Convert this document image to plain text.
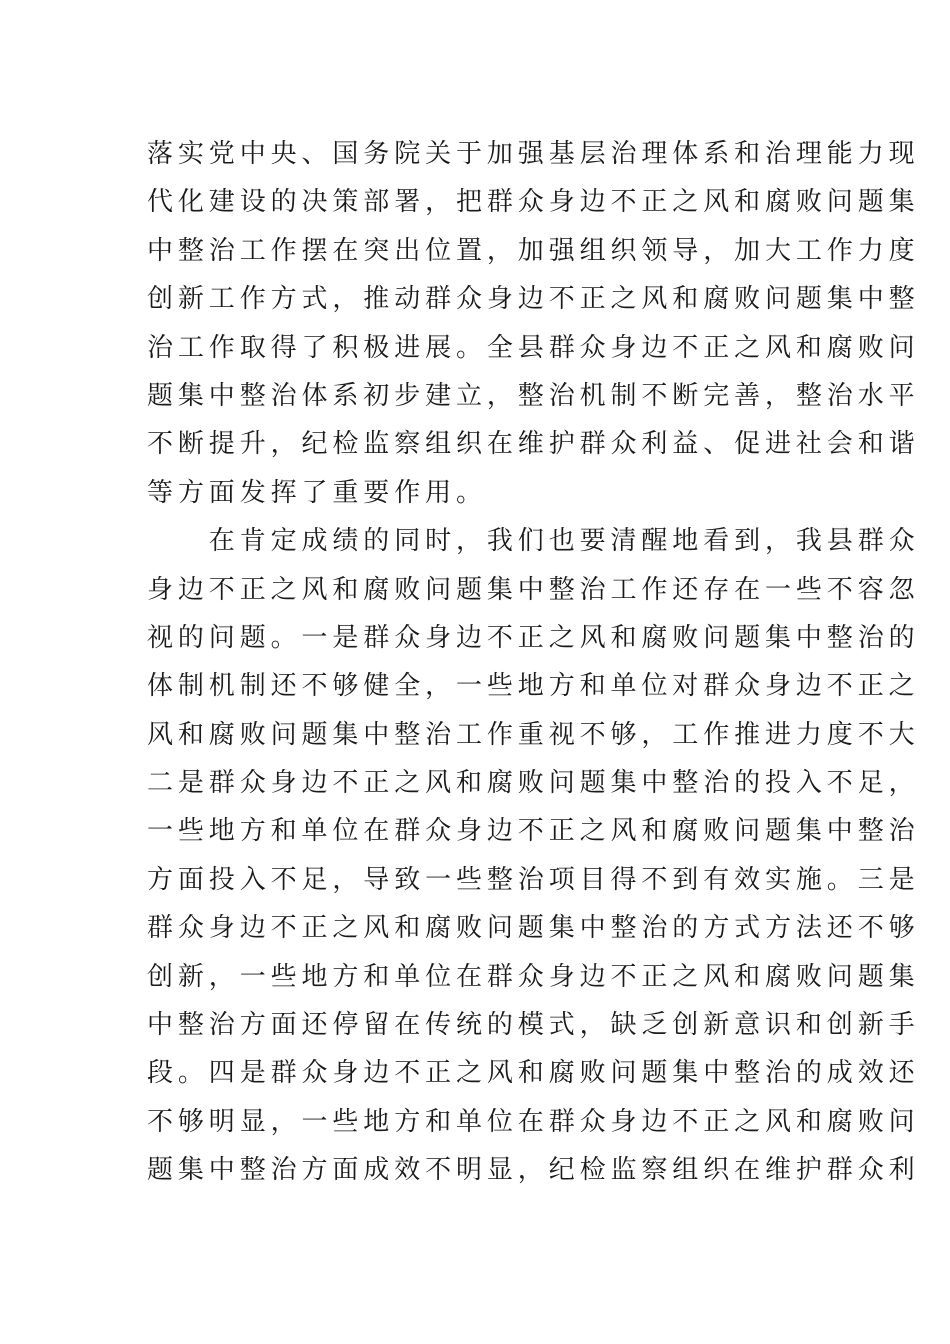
落实党中央、国务院关于加强基层治理体系和治理能力现
代化建设的决策部署，把群众身边不正之风和腐败问题集
中整治工作摆在突出位置，加强组织领导，加大工作力度
创新工作方式，推动群众身边不正之风和腐败问题集中整
治工作取得了积极进展。全县群众身边不正之风和腐败问
题集中整治体系初步建立，整治机制不断完善，整治水平
不断提升，纪检监察组织在维护群众利益、促进社会和谐
等方面发挥了重要作用。
　　在肯定成绩的同时，我们也要清醒地看到，我县群众
身边不正之风和腐败问题集中整治工作还存在一些不容忽
视的问题。一是群众身边不正之风和腐败问题集中整治的
体制机制还不够健全，一些地方和单位对群众身边不正之
风和腐败问题集中整治工作重视不够，工作推进力度不大
二是群众身边不正之风和腐败问题集中整治的投入不足，
一些地方和单位在群众身边不正之风和腐败问题集中整治
方面投入不足，导致一些整治项目得不到有效实施。三是
群众身边不正之风和腐败问题集中整治的方式方法还不够
创新，一些地方和单位在群众身边不正之风和腐败问题集
中整治方面还停留在传统的模式，缺乏创新意识和创新手
段。四是群众身边不正之风和腐败问题集中整治的成效还
不够明显，一些地方和单位在群众身边不正之风和腐败问
题集中整治方面成效不明显，纪检监察组织在维护群众利
